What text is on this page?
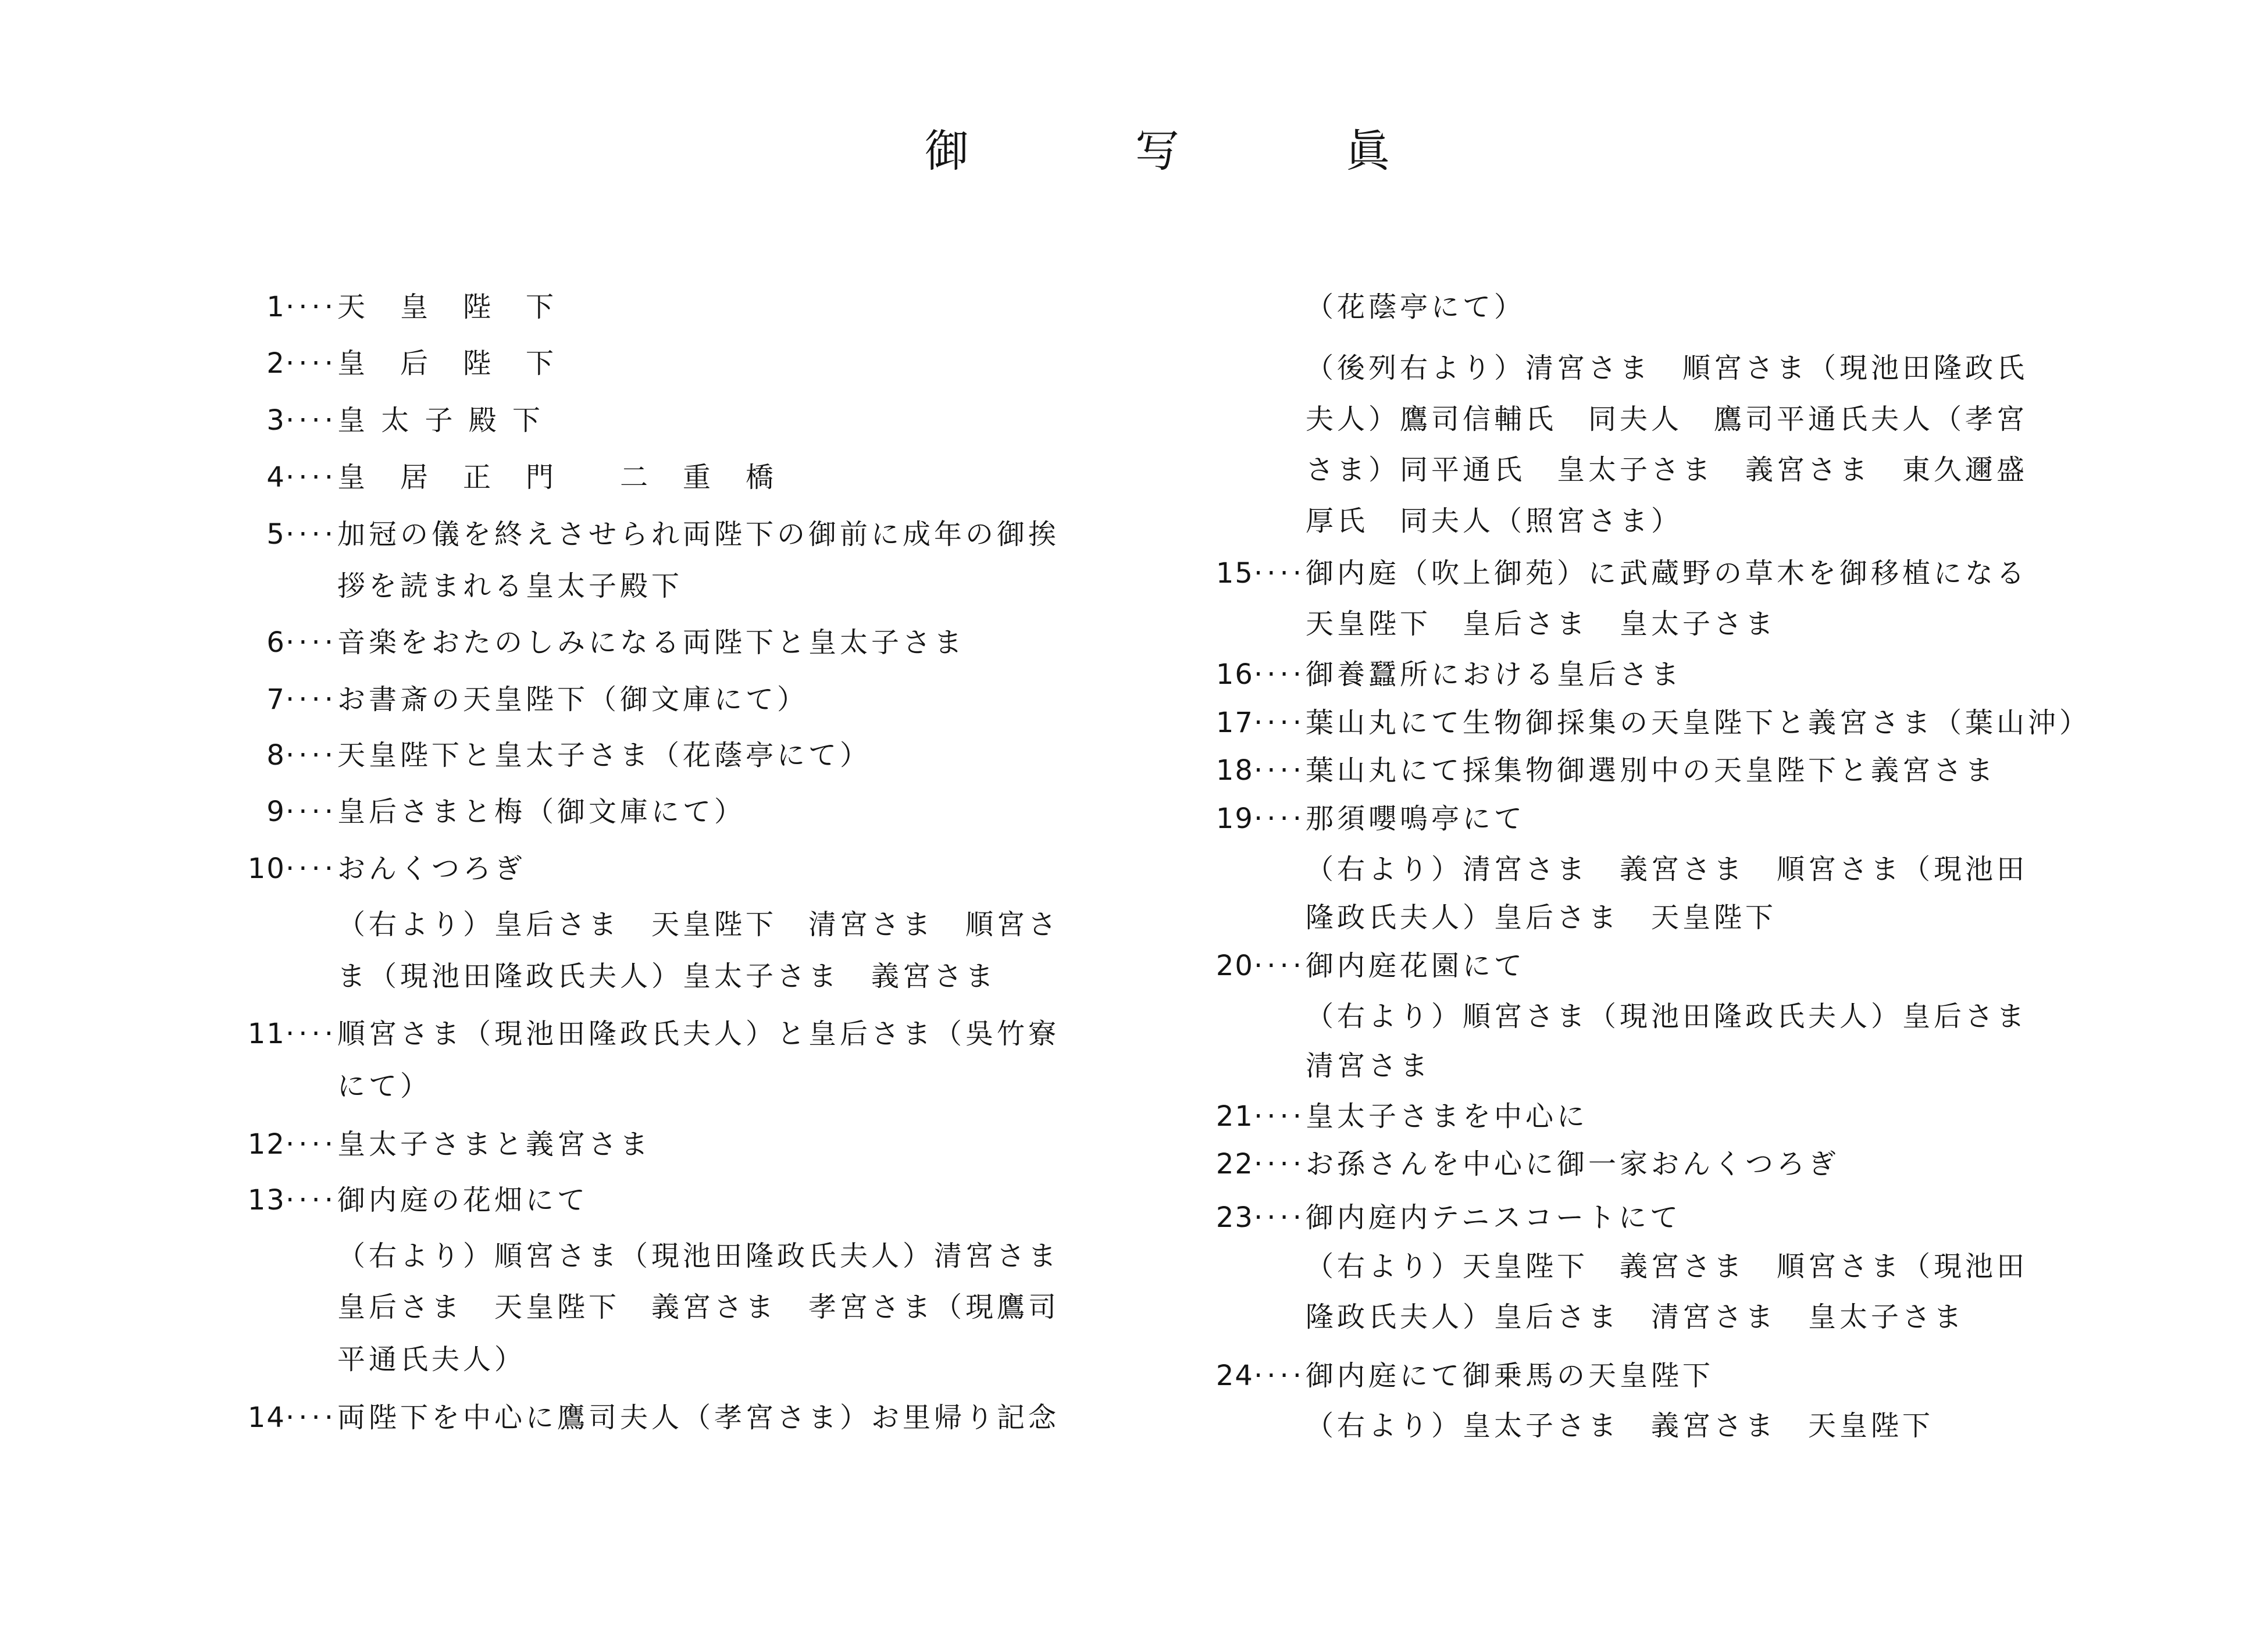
御	写	眞
1····天　皇　陛　下
2····皇　后　陛　下
3····皇 太 子 殿 下
4····皇　居　正　門　　二　重　橋
5····加冠の儀を終えさせられ両陛下の御前に成年の御挨
拶を読まれる皇太子殿下
6····音楽をおたのしみになる両陛下と皇太子さま
7····お書斎の天皇陛下（御文庫にて）
8····天皇陛下と皇太子さま（花蔭亭にて）
9····皇后さまと梅（御文庫にて）
10····おんくつろぎ
（右より）皇后さま　天皇陛下　清宮さま　順宮さ
ま（現池田隆政氏夫人）皇太子さま　義宮さま
11····順宮さま（現池田隆政氏夫人）と皇后さま（吳竹寮
にて）
12····皇太子さまと義宮さま
13····御内庭の花畑にて
（右より）順宮さま（現池田隆政氏夫人）清宮さま
皇后さま　天皇陛下　義宮さま　孝宮さま（現鷹司
平通氏夫人）
14····両陛下を中心に鷹司夫人（孝宮さま）お里帰り記念
（花蔭亭にて）
（後列右より）清宮さま　順宮さま（現池田隆政氏
夫人）鷹司信輔氏　同夫人　鷹司平通氏夫人（孝宮
さま）同平通氏　皇太子さま　義宮さま　東久邇盛
厚氏　同夫人（照宮さま）
15····御内庭（吹上御苑）に武蔵野の草木を御移植になる
天皇陛下　皇后さま　皇太子さま
16····御養蠶所における皇后さま
17····葉山丸にて生物御採集の天皇陛下と義宮さま（葉山沖）
18····葉山丸にて採集物御選別中の天皇陛下と義宮さま
19····那須嚶鳴亭にて
（右より）清宮さま　義宮さま　順宮さま（現池田
隆政氏夫人）皇后さま　天皇陛下
20····御内庭花園にて
（右より）順宮さま（現池田隆政氏夫人）皇后さま
清宮さま
21····皇太子さまを中心に
22····お孫さんを中心に御一家おんくつろぎ
23····御内庭内テニスコートにて
（右より）天皇陛下　義宮さま　順宮さま（現池田
隆政氏夫人）皇后さま　清宮さま　皇太子さま
24····御内庭にて御乗馬の天皇陛下
（右より）皇太子さま　義宮さま　天皇陛下
